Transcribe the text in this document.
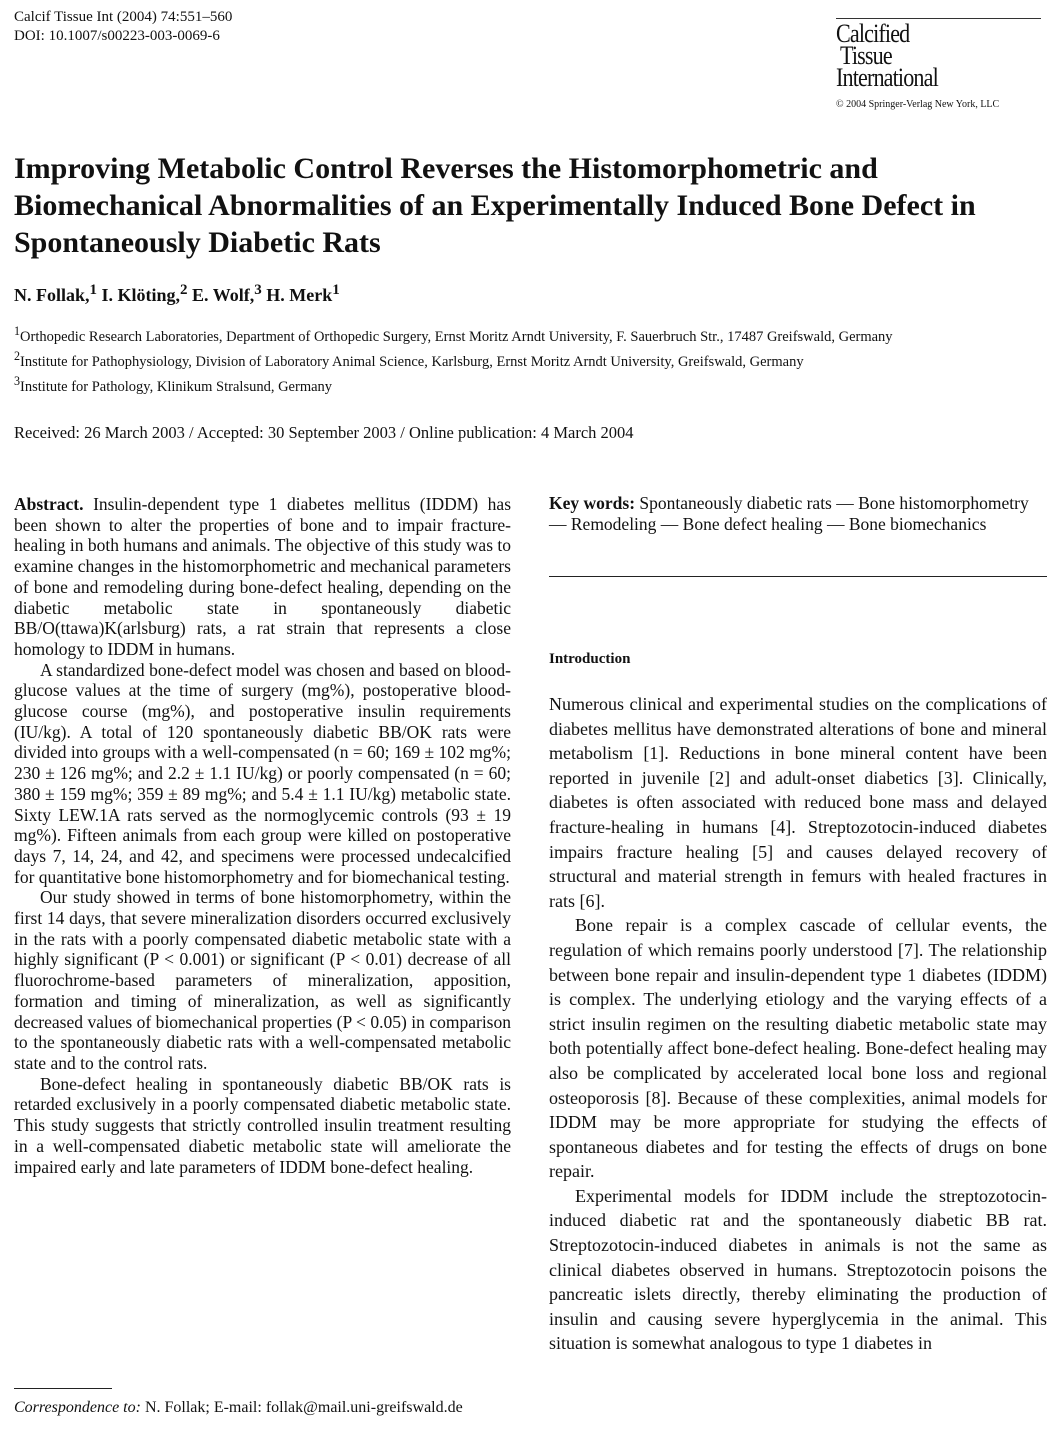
Calcif Tissue Int (2004) 74:551–560
DOI: 10.1007/s00223-003-0069-6	Calcified
Tissue
International
© 2004 Springer-Verlag New York, LLC
Improving Metabolic Control Reverses the Histomorphometric and Biomechanical Abnormalities of an Experimentally Induced Bone Defect in Spontaneously Diabetic Rats
N. Follak,$^1$ I. Klöting,$^2$ E. Wolf,$^3$ H. Merk$^1$
$^1$Orthopedic Research Laboratories, Department of Orthopedic Surgery, Ernst Moritz Arndt University, F. Sauerbruch Str., 17487 Greifswald, Germany
$^2$Institute for Pathophysiology, Division of Laboratory Animal Science, Karlsburg, Ernst Moritz Arndt University, Greifswald, Germany
$^3$Institute for Pathology, Klinikum Stralsund, Germany
Received: 26 March 2003 / Accepted: 30 September 2003 / Online publication: 4 March 2004

Abstract. Insulin-dependent type 1 diabetes mellitus (IDDM) has been shown to alter the properties of bone and to impair fracture-healing in both humans and animals. The objective of this study was to examine changes in the histomorphometric and mechanical parameters of bone and remodeling during bone-defect healing, depending on the diabetic metabolic state in spontaneously diabetic BB/O(ttawa)K(arlsburg) rats, a rat strain that represents a close homology to IDDM in humans.

A standardized bone-defect model was chosen and based on blood-glucose values at the time of surgery (mg%), postoperative blood-glucose course (mg%), and postoperative insulin requirements (IU/kg). A total of 120 spontaneously diabetic BB/OK rats were divided into groups with a well-compensated (n = 60; 169 ± 102 mg%; 230 ± 126 mg%; and 2.2 ± 1.1 IU/kg) or poorly compensated (n = 60; 380 ± 159 mg%; 359 ± 89 mg%; and 5.4 ± 1.1 IU/kg) metabolic state. Sixty LEW.1A rats served as the normoglycemic controls (93 ± 19 mg%). Fifteen animals from each group were killed on postoperative days 7, 14, 24, and 42, and specimens were processed undecalcified for quantitative bone histomorphometry and for biomechanical testing.

Our study showed in terms of bone histomorphometry, within the first 14 days, that severe mineralization disorders occurred exclusively in the rats with a poorly compensated diabetic metabolic state with a highly significant (P < 0.001) or significant (P < 0.01) decrease of all fluorochrome-based parameters of mineralization, apposition, formation and timing of mineralization, as well as significantly decreased values of biomechanical properties (P < 0.05) in comparison to the spontaneously diabetic rats with a well-compensated metabolic state and to the control rats.

Bone-defect healing in spontaneously diabetic BB/OK rats is retarded exclusively in a poorly compensated diabetic metabolic state. This study suggests that strictly controlled insulin treatment resulting in a well-compensated diabetic metabolic state will ameliorate the impaired early and late parameters of IDDM bone-defect healing.

Correspondence to: N. Follak; E-mail: follak@mail.uni-greifswald.de

Key words: Spontaneously diabetic rats — Bone histomorphometry — Remodeling — Bone defect healing — Bone biomechanics

Introduction

Numerous clinical and experimental studies on the complications of diabetes mellitus have demonstrated alterations of bone and mineral metabolism [1]. Reductions in bone mineral content have been reported in juvenile [2] and adult-onset diabetics [3]. Clinically, diabetes is often associated with reduced bone mass and delayed fracture-healing in humans [4]. Streptozotocin-induced diabetes impairs fracture healing [5] and causes delayed recovery of structural and material strength in femurs with healed fractures in rats [6].

Bone repair is a complex cascade of cellular events, the regulation of which remains poorly understood [7]. The relationship between bone repair and insulin-dependent type 1 diabetes (IDDM) is complex. The underlying etiology and the varying effects of a strict insulin regimen on the resulting diabetic metabolic state may both potentially affect bone-defect healing. Bone-defect healing may also be complicated by accelerated local bone loss and regional osteoporosis [8]. Because of these complexities, animal models for IDDM may be more appropriate for studying the effects of spontaneous diabetes and for testing the effects of drugs on bone repair.

Experimental models for IDDM include the streptozotocin-induced diabetic rat and the spontaneously diabetic BB rat. Streptozotocin-induced diabetes in animals is not the same as clinical diabetes observed in humans. Streptozotocin poisons the pancreatic islets directly, thereby eliminating the production of insulin and causing severe hyperglycemia in the animal. This situation is somewhat analogous to type 1 diabetes in
